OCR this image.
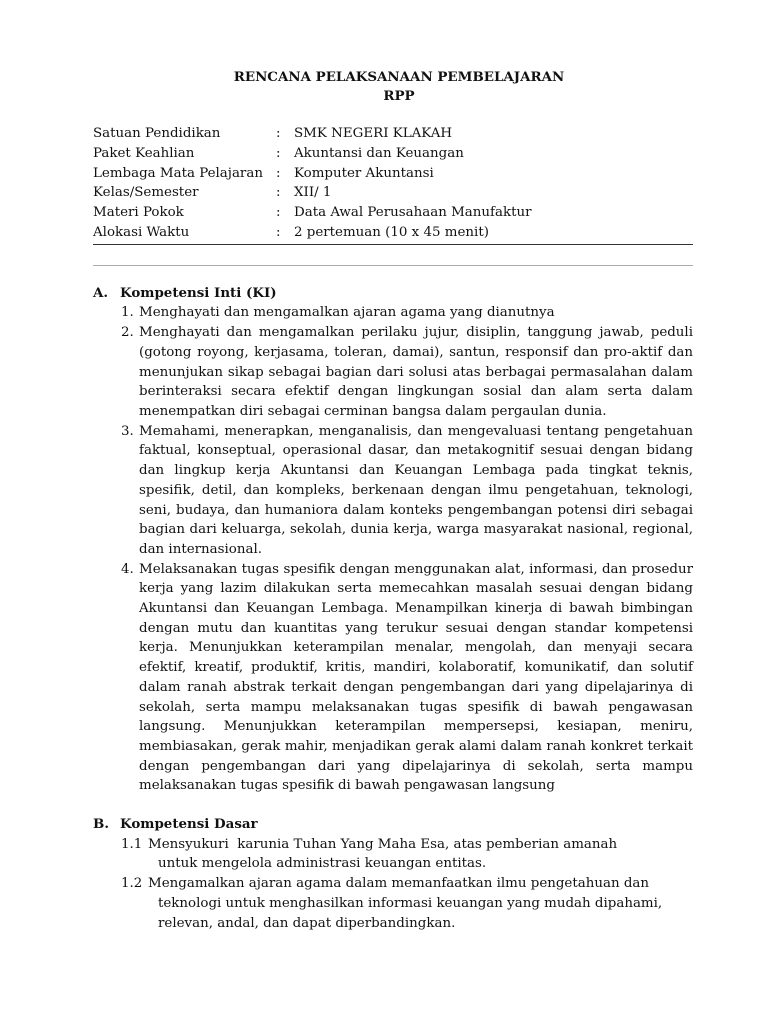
RENCANA PELAKSANAAN PEMBELAJARAN
RPP
Satuan Pendidikan	:	SMK NEGERI KLAKAH
Paket Keahlian	:	Akuntansi dan Keuangan
Lembaga Mata Pelajaran :	Komputer Akuntansi
Kelas/Semester	:	XII/ 1
Materi Pokok	:	Data Awal Perusahaan Manufaktur
Alokasi Waktu	:	2 pertemuan (10 x 45 menit)
A. Kompetensi Inti (KI)
1. Menghayati dan mengamalkan ajaran agama yang dianutnya
2. Menghayati dan mengamalkan perilaku jujur, disiplin, tanggung jawab, peduli (gotong royong, kerjasama, toleran, damai), santun, responsif dan pro-aktif dan menunjukan sikap sebagai bagian dari solusi atas berbagai permasalahan dalam berinteraksi secara efektif dengan lingkungan sosial dan alam serta dalam menempatkan diri sebagai cerminan bangsa dalam pergaulan dunia.
3. Memahami, menerapkan, menganalisis, dan mengevaluasi tentang pengetahuan faktual, konseptual, operasional dasar, dan metakognitif sesuai dengan bidang dan lingkup kerja Akuntansi dan Keuangan Lembaga pada tingkat teknis, spesifik, detil, dan kompleks, berkenaan dengan ilmu pengetahuan, teknologi, seni, budaya, dan humaniora dalam konteks pengembangan potensi diri sebagai bagian dari keluarga, sekolah, dunia kerja, warga masyarakat nasional, regional, dan internasional.
4. Melaksanakan tugas spesifik dengan menggunakan alat, informasi, dan prosedur kerja yang lazim dilakukan serta memecahkan masalah sesuai dengan bidang Akuntansi dan Keuangan Lembaga. Menampilkan kinerja di bawah bimbingan dengan mutu dan kuantitas yang terukur sesuai dengan standar kompetensi kerja. Menunjukkan keterampilan menalar, mengolah, dan menyaji secara efektif, kreatif, produktif, kritis, mandiri, kolaboratif, komunikatif, dan solutif dalam ranah abstrak terkait dengan pengembangan dari yang dipelajarinya di sekolah, serta mampu melaksanakan tugas spesifik di bawah pengawasan langsung. Menunjukkan keterampilan mempersepsi, kesiapan, meniru, membiasakan, gerak mahir, menjadikan gerak alami dalam ranah konkret terkait dengan pengembangan dari yang dipelajarinya di sekolah, serta mampu melaksanakan tugas spesifik di bawah pengawasan langsung
B. Kompetensi Dasar
1.1 Mensyukuri  karunia Tuhan Yang Maha Esa, atas pemberian amanah
untuk mengelola administrasi keuangan entitas.
1.2 Mengamalkan ajaran agama dalam memanfaatkan ilmu pengetahuan dan
teknologi untuk menghasilkan informasi keuangan yang mudah dipahami,
relevan, andal, dan dapat diperbandingkan.
